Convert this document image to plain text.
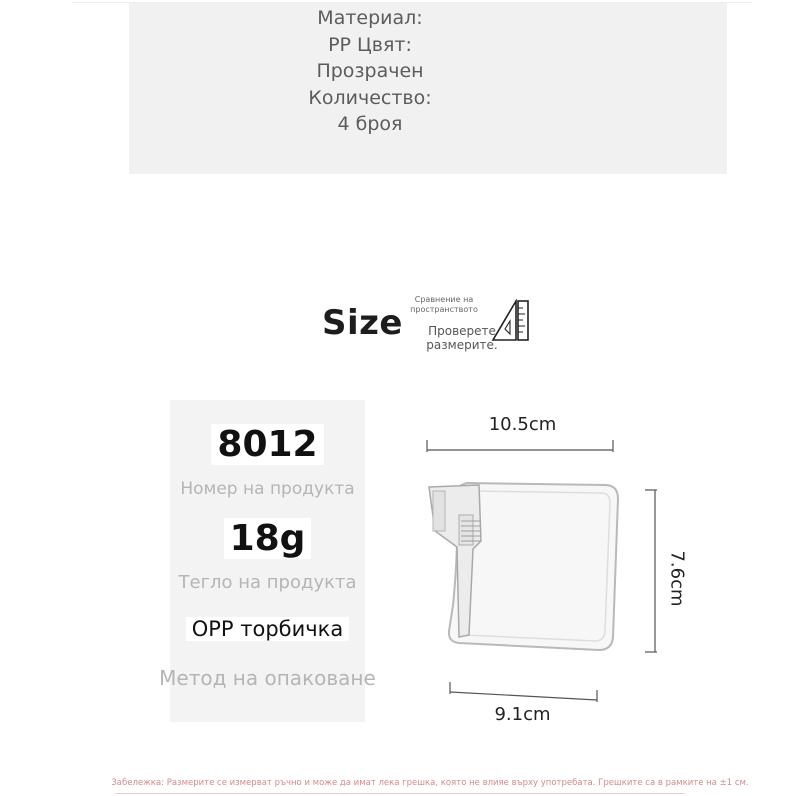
Материал:
PP Цвят:
Прозрачен
Количество:
4 броя
Size
Сравнение на пространството
Проверете размерите.
8012
Номер на продукта
18g
Тегло на продукта
OPP торбичка
Метод на опаковане
10.5cm
7.6cm
9.1cm
Забележка: Размерите се измерват ръчно и може да имат лека грешка, която не влияе върху употребата. Грешките са в рамките на ±1 см.
